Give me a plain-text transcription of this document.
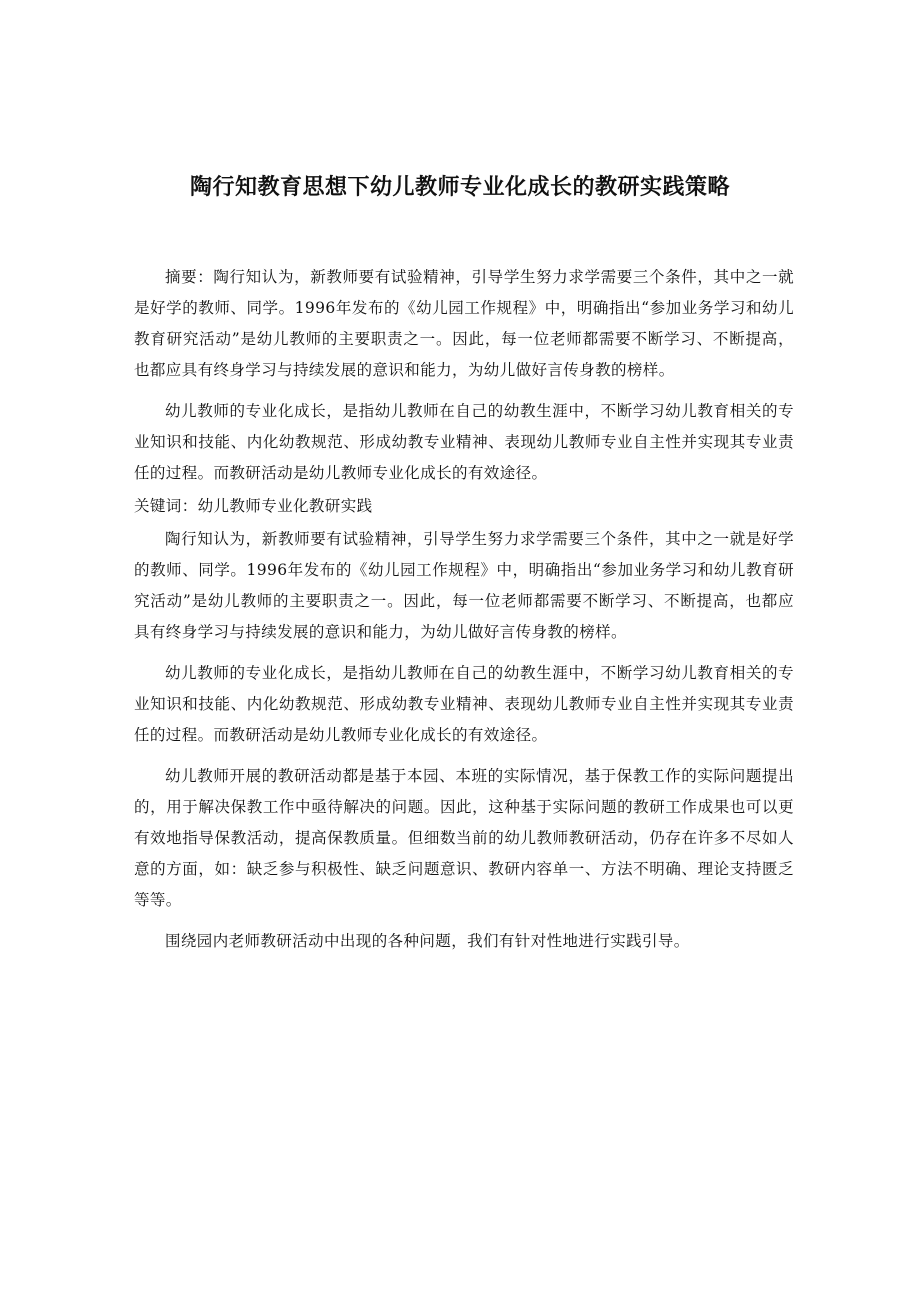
陶行知教育思想下幼儿教师专业化成长的教研实践策略

摘要：陶行知认为，新教师要有试验精神，引导学生努力求学需要三个条件，其中之一就是好学的教师、同学。1996年发布的《幼儿园工作规程》中，明确指出“参加业务学习和幼儿教育研究活动”是幼儿教师的主要职责之一。因此，每一位老师都需要不断学习、不断提高，也都应具有终身学习与持续发展的意识和能力，为幼儿做好言传身教的榜样。

幼儿教师的专业化成长，是指幼儿教师在自己的幼教生涯中，不断学习幼儿教育相关的专业知识和技能、内化幼教规范、形成幼教专业精神、表现幼儿教师专业自主性并实现其专业责任的过程。而教研活动是幼儿教师专业化成长的有效途径。

关键词：幼儿教师专业化教研实践

陶行知认为，新教师要有试验精神，引导学生努力求学需要三个条件，其中之一就是好学的教师、同学。1996年发布的《幼儿园工作规程》中，明确指出“参加业务学习和幼儿教育研究活动”是幼儿教师的主要职责之一。因此，每一位老师都需要不断学习、不断提高，也都应具有终身学习与持续发展的意识和能力，为幼儿做好言传身教的榜样。

幼儿教师的专业化成长，是指幼儿教师在自己的幼教生涯中，不断学习幼儿教育相关的专业知识和技能、内化幼教规范、形成幼教专业精神、表现幼儿教师专业自主性并实现其专业责任的过程。而教研活动是幼儿教师专业化成长的有效途径。

幼儿教师开展的教研活动都是基于本园、本班的实际情况，基于保教工作的实际问题提出的，用于解决保教工作中亟待解决的问题。因此，这种基于实际问题的教研工作成果也可以更有效地指导保教活动，提高保教质量。但细数当前的幼儿教师教研活动，仍存在许多不尽如人意的方面，如：缺乏参与积极性、缺乏问题意识、教研内容单一、方法不明确、理论支持匮乏等等。

围绕园内老师教研活动中出现的各种问题，我们有针对性地进行实践引导。
